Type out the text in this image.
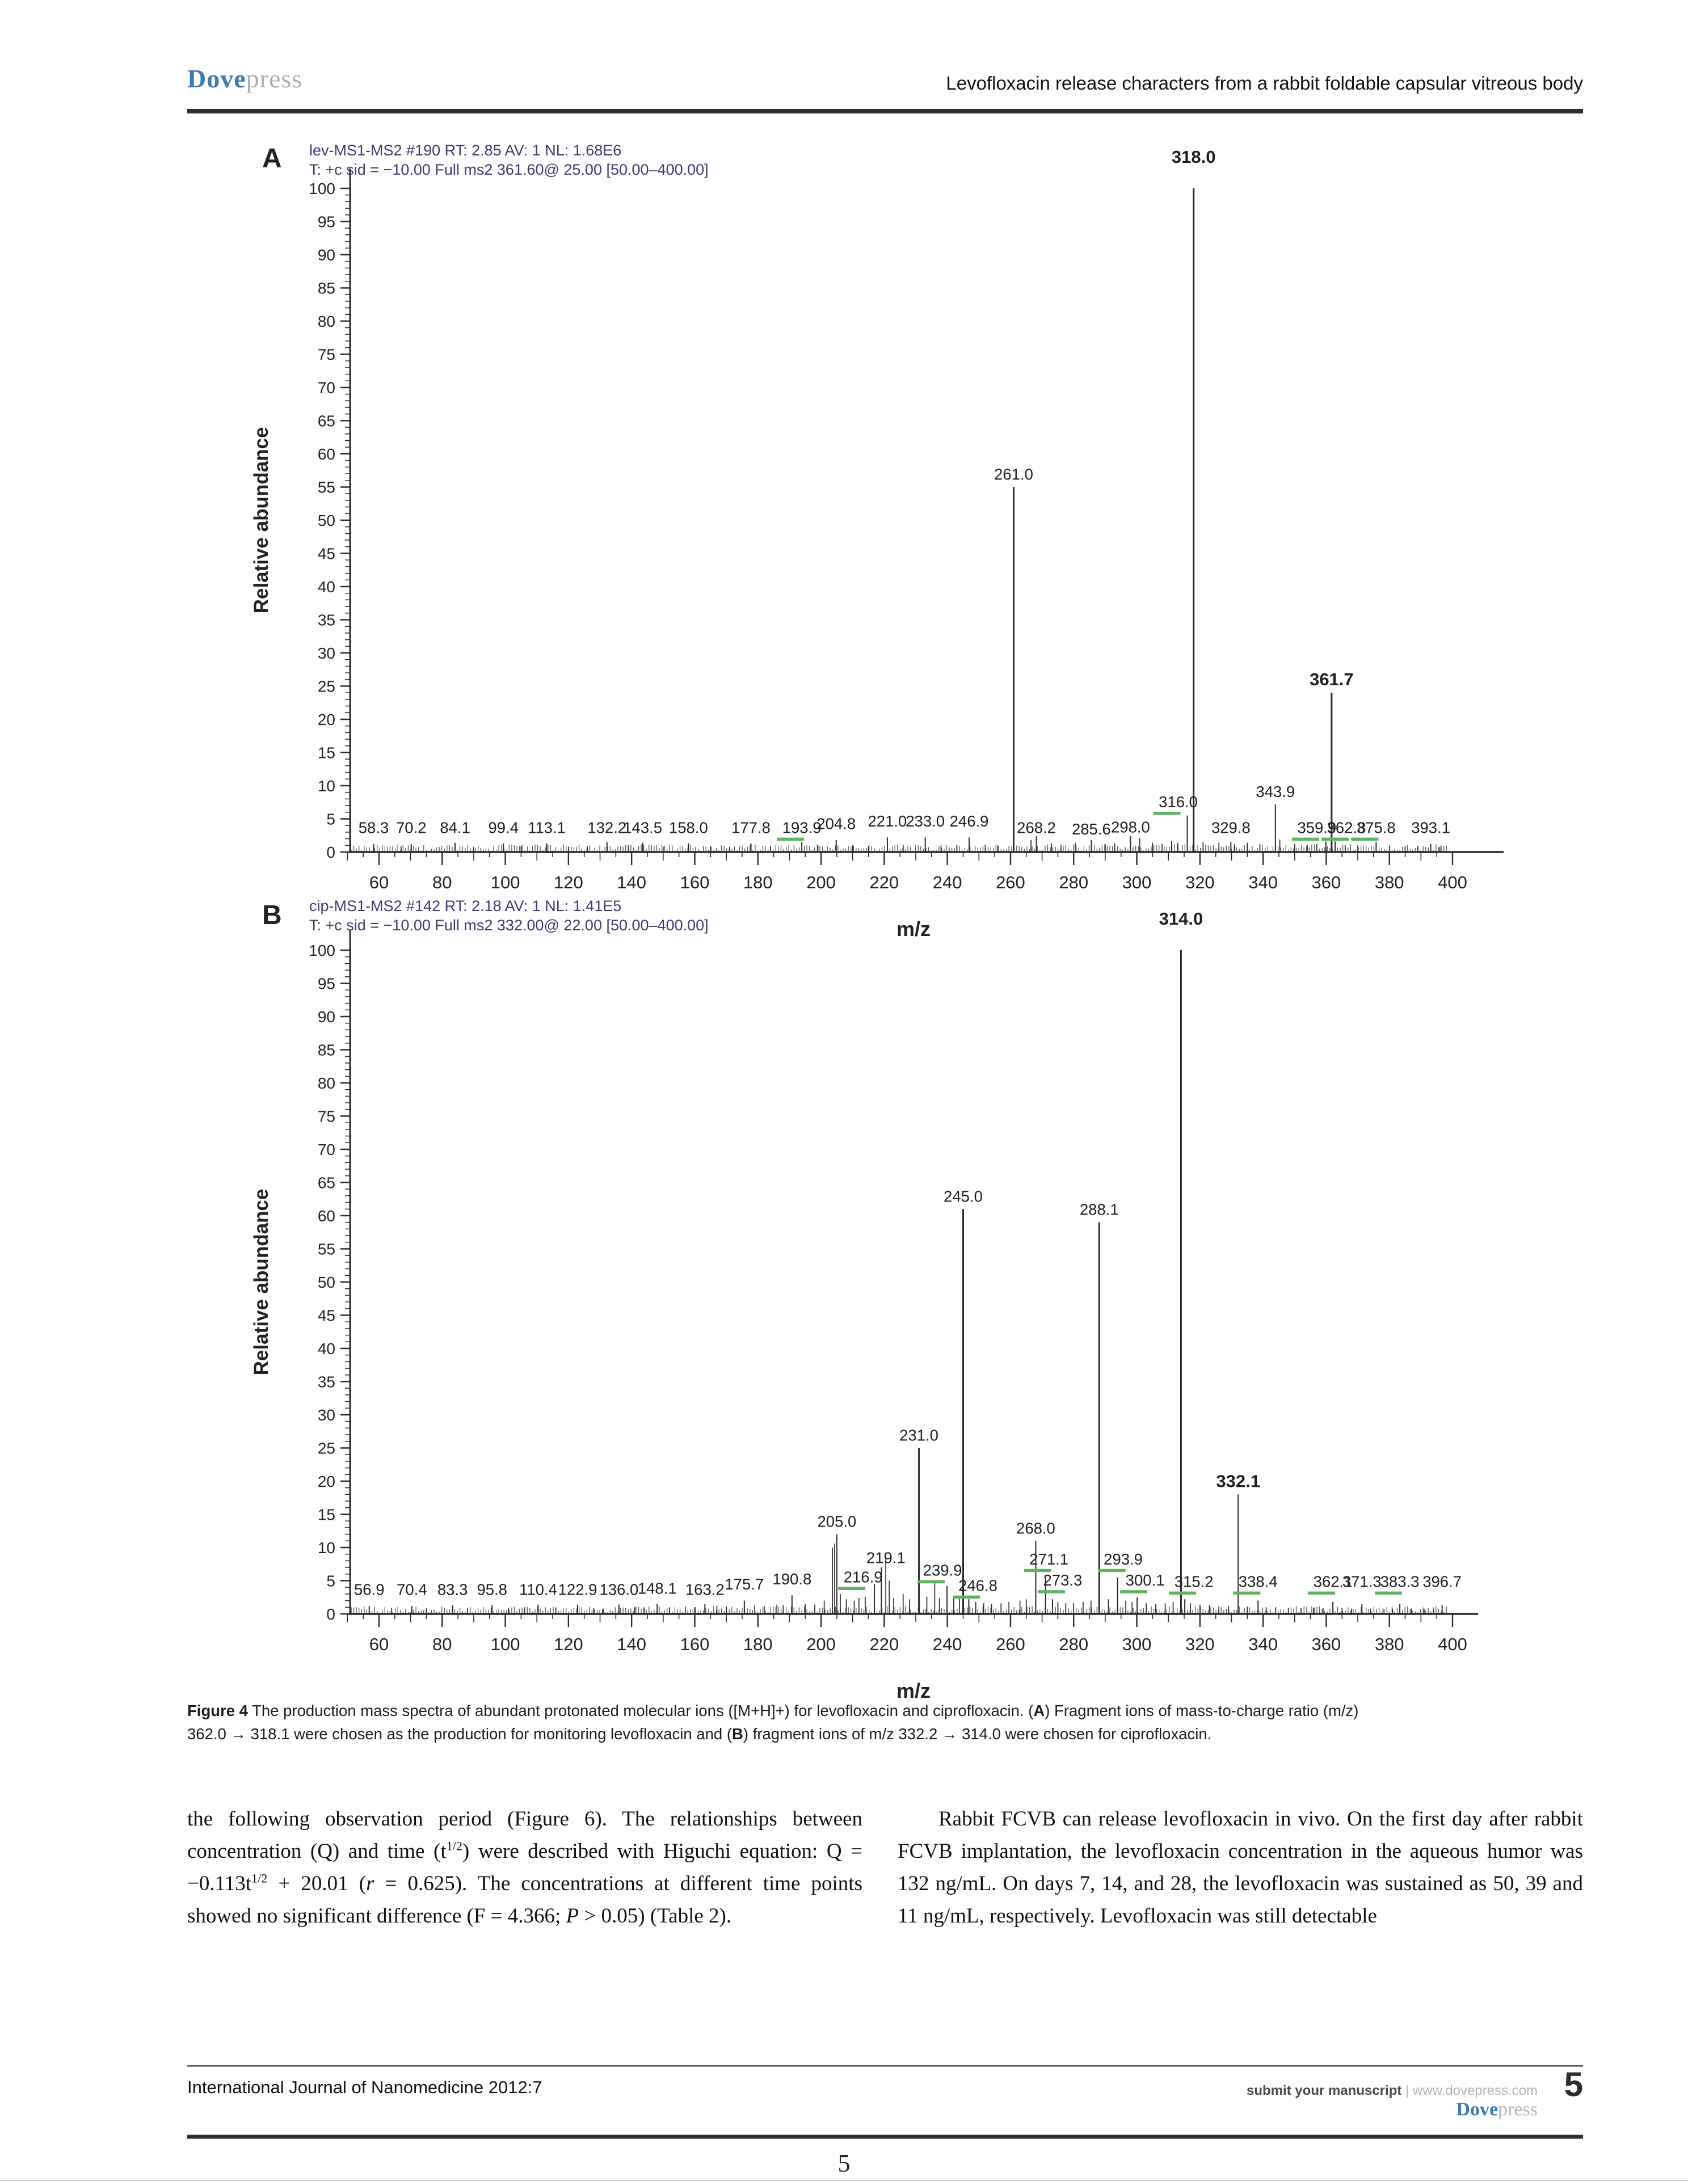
Dovepress	Levofloxacin release characters from a rabbit foldable capsular vitreous body
A lev-MS1-MS2 #190 RT: 2.85 AV: 1 NL: 1.68E6
T: +c sid = −10.00 Full ms2 361.60@ 25.00 [50.00–400.00]
0
5
10
15
20
25
30
35
40
45
50
55
60
65
70
75
80
85
90
95
100
60 80 100 120 140 160 180 200 220 240 260 280 300 320 340 360 380 400
58.3 70.2 84.1 99.4 113.1 132.2
143.5 158.0 177.8 193.9
204.8 221.0
233.0 246.9
261.0
268.2 285.6 298.0
316.0
318.0
329.8
343.9
359.9
361.7
362.8
375.8 393.1
Relative abundance
m/z
B cip-MS1-MS2 #142 RT: 2.18 AV: 1 NL: 1.41E5
T: +c sid = −10.00 Full ms2 332.00@ 22.00 [50.00–400.00]
0
5
10
15
20
25
30
35
40
45
50
55
60
65
70
75
80
85
90
95
100
60 80 100 120 140 160 180 200 220 240 260 280 300 320 340 360 380 400
56.9 70.4 83.3 95.8 110.4 122.9 136.0
148.1 163.2 175.7 190.8
205.0
216.9
219.1
231.0
239.9
245.0
246.8
268.0
271.1
273.3
288.1
293.9
300.1
314.0
315.2
332.1
338.4 362.1
371.3
383.3 396.7
Relative abundance
m/z
Figure 4 The production mass spectra of abundant protonated molecular ions ([M+H]+) for levofloxacin and ciprofloxacin. (A) Fragment ions of mass-to-charge ratio (m/z)
362.0 → 318.1 were chosen as the production for monitoring levofloxacin and (B) fragment ions of m/z 332.2 → 314.0 were chosen for ciprofloxacin.
the following observation period (Figure 6). The relationships between concentration (Q) and time $(t^{1/2})$ were described with Higuchi equation: $Q = -0.113t^{1/2} + 20.01$ (r = 0.625). The concentrations at different time points showed no significant difference (F = 4.366; P > 0.05) (Table 2).
Rabbit FCVB can release levofloxacin in vivo. On the first day after rabbit FCVB implantation, the levofloxacin concentration in the aqueous humor was 132 ng/mL. On days 7, 14, and 28, the levofloxacin was sustained as 50, 39 and 11 ng/mL, respectively. Levofloxacin was still detectable
International Journal of Nanomedicine 2012:7	submit your manuscript | www.dovepress.com 5
Dovepress
5
